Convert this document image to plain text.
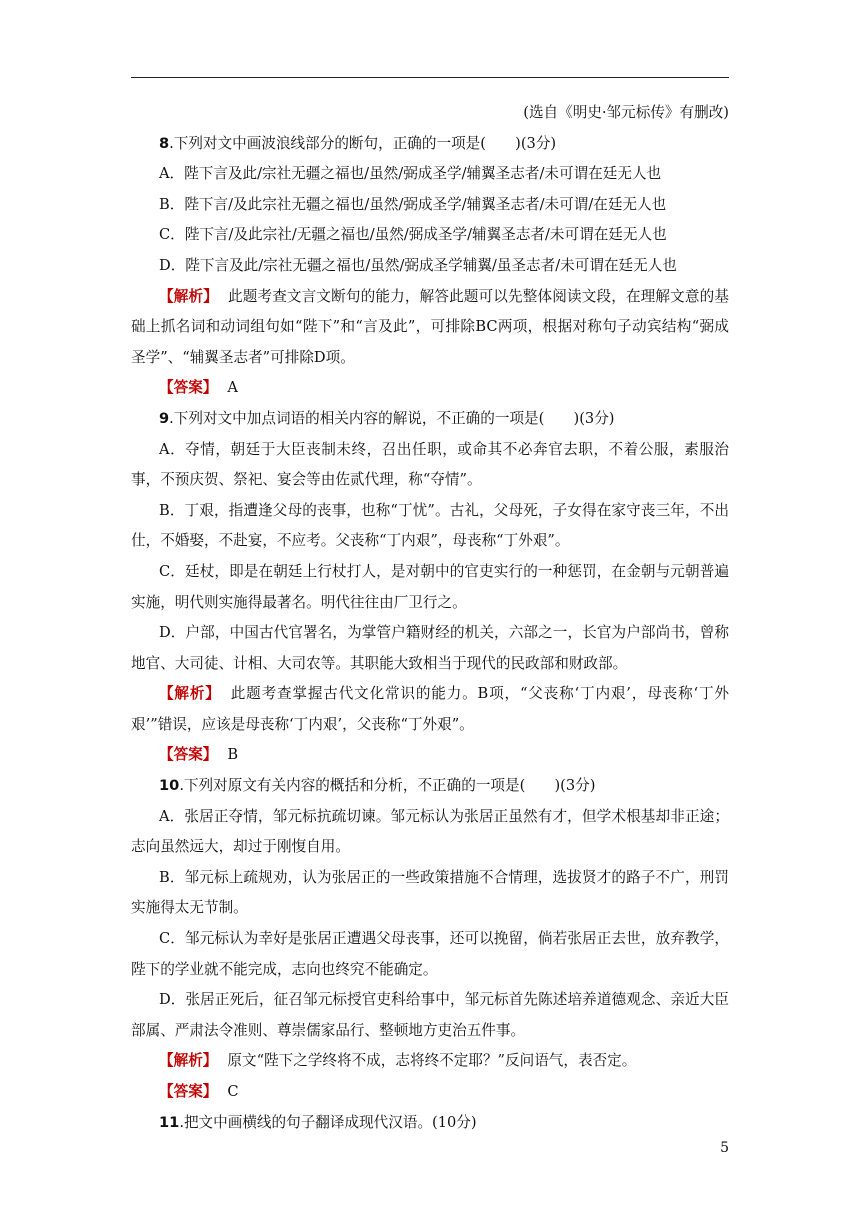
(选自《明史·邹元标传》有删改)

8.下列对文中画波浪线部分的断句，正确的一项是(　　)(3分)

A．陛下言及此/宗社无疆之福也/虽然/弼成圣学/辅翼圣志者/未可谓在廷无人也

B．陛下言/及此宗社无疆之福也/虽然/弼成圣学/辅翼圣志者/未可谓/在廷无人也

C．陛下言/及此宗社/无疆之福也/虽然/弼成圣学/辅翼圣志者/未可谓在廷无人也

D．陛下言及此/宗社无疆之福也/虽然/弼成圣学辅翼/虽圣志者/未可谓在廷无人也

【解析】 此题考查文言文断句的能力，解答此题可以先整体阅读文段，在理解文意的基础上抓名词和动词组句如“陛下”和“言及此”，可排除BC两项，根据对称句子动宾结构“弼成圣学”、“辅翼圣志者”可排除D项。

【答案】 A

9.下列对文中加点词语的相关内容的解说，不正确的一项是(　　)(3分)

A．夺情，朝廷于大臣丧制未终，召出任职，或命其不必奔官去职，不着公服，素服治事，不预庆贺、祭祀、宴会等由佐贰代理，称“夺情”。

B．丁艰，指遭逢父母的丧事，也称“丁忧”。古礼，父母死，子女得在家守丧三年，不出仕，不婚娶，不赴宴，不应考。父丧称“丁内艰”，母丧称“丁外艰”。

C．廷杖，即是在朝廷上行杖打人，是对朝中的官吏实行的一种惩罚，在金朝与元朝普遍实施，明代则实施得最著名。明代往往由厂卫行之。

D．户部，中国古代官署名，为掌管户籍财经的机关，六部之一，长官为户部尚书，曾称地官、大司徒、计相、大司农等。其职能大致相当于现代的民政部和财政部。

【解析】 此题考查掌握古代文化常识的能力。B项，“父丧称‘丁内艰’，母丧称‘丁外艰’”错误，应该是母丧称‘丁内艰’，父丧称“丁外艰”。

【答案】 B

10.下列对原文有关内容的概括和分析，不正确的一项是(　　)(3分)

A．张居正夺情，邹元标抗疏切谏。邹元标认为张居正虽然有才，但学术根基却非正途；志向虽然远大，却过于刚愎自用。

B．邹元标上疏规劝，认为张居正的一些政策措施不合情理，选拔贤才的路子不广，刑罚实施得太无节制。

C．邹元标认为幸好是张居正遭遇父母丧事，还可以挽留，倘若张居正去世，放弃教学，陛下的学业就不能完成，志向也终究不能确定。

D．张居正死后，征召邹元标授官吏科给事中，邹元标首先陈述培养道德观念、亲近大臣部属、严肃法令准则、尊崇儒家品行、整顿地方吏治五件事。

【解析】 原文“陛下之学终将不成，志将终不定耶？”反问语气，表否定。

【答案】 C

11.把文中画横线的句子翻译成现代汉语。(10分)

5
